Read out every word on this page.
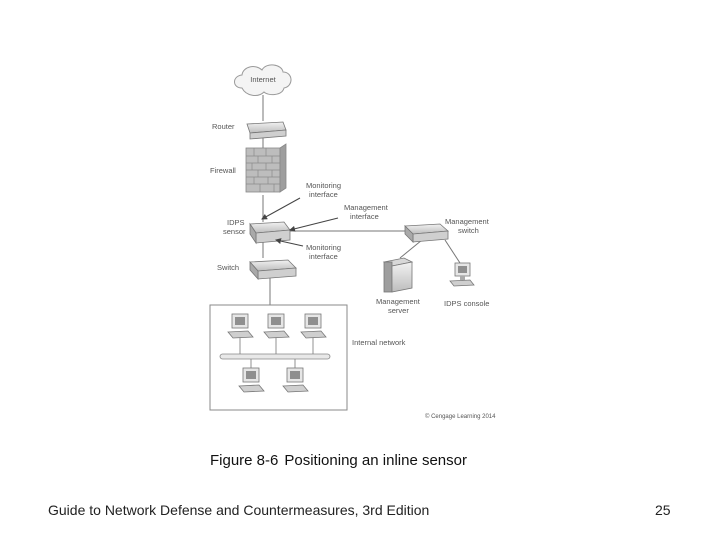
Internet
Router
Firewall
IDPS
sensor
Switch
Monitoring
interface
Management
interface
Monitoring
interface
Management
switch
Management
server
IDPS console
Internal network
© Cengage Learning 2014
Figure 8-6 Positioning an inline sensor
Guide to Network Defense and Countermeasures, 3rd Edition	25
